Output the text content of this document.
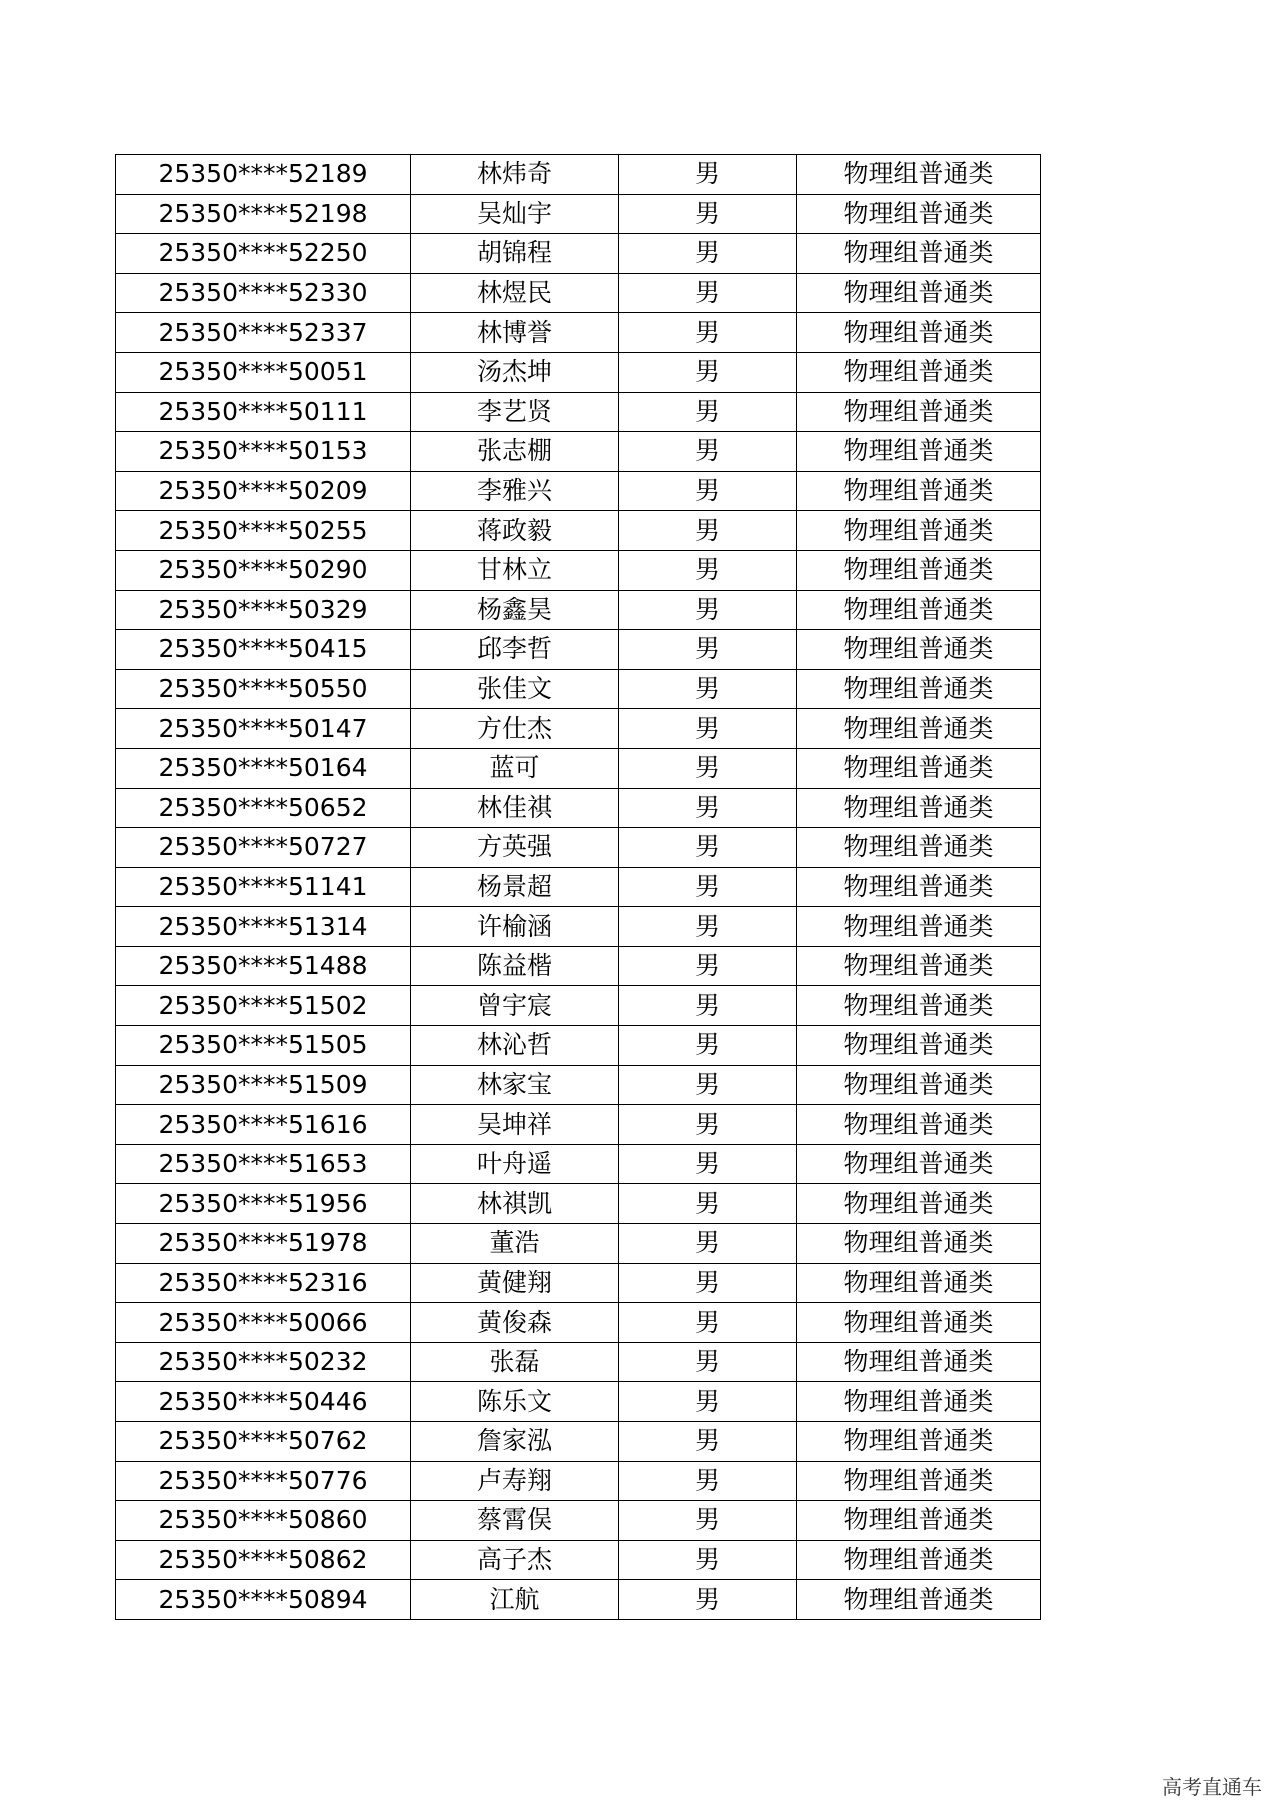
25350****52189	林炜奇	男	物理组普通类
25350****52198	吴灿宇	男	物理组普通类
25350****52250	胡锦程	男	物理组普通类
25350****52330	林煜民	男	物理组普通类
25350****52337	林博誉	男	物理组普通类
25350****50051	汤杰坤	男	物理组普通类
25350****50111	李艺贤	男	物理组普通类
25350****50153	张志棚	男	物理组普通类
25350****50209	李雅兴	男	物理组普通类
25350****50255	蒋政毅	男	物理组普通类
25350****50290	甘林立	男	物理组普通类
25350****50329	杨鑫昊	男	物理组普通类
25350****50415	邱李哲	男	物理组普通类
25350****50550	张佳文	男	物理组普通类
25350****50147	方仕杰	男	物理组普通类
25350****50164	蓝可	男	物理组普通类
25350****50652	林佳祺	男	物理组普通类
25350****50727	方英强	男	物理组普通类
25350****51141	杨景超	男	物理组普通类
25350****51314	许榆涵	男	物理组普通类
25350****51488	陈益楷	男	物理组普通类
25350****51502	曾宇宸	男	物理组普通类
25350****51505	林沁哲	男	物理组普通类
25350****51509	林家宝	男	物理组普通类
25350****51616	吴坤祥	男	物理组普通类
25350****51653	叶舟遥	男	物理组普通类
25350****51956	林祺凯	男	物理组普通类
25350****51978	董浩	男	物理组普通类
25350****52316	黄健翔	男	物理组普通类
25350****50066	黄俊森	男	物理组普通类
25350****50232	张磊	男	物理组普通类
25350****50446	陈乐文	男	物理组普通类
25350****50762	詹家泓	男	物理组普通类
25350****50776	卢寿翔	男	物理组普通类
25350****50860	蔡霄俣	男	物理组普通类
25350****50862	高子杰	男	物理组普通类
25350****50894	江航	男	物理组普通类
高考直通车
